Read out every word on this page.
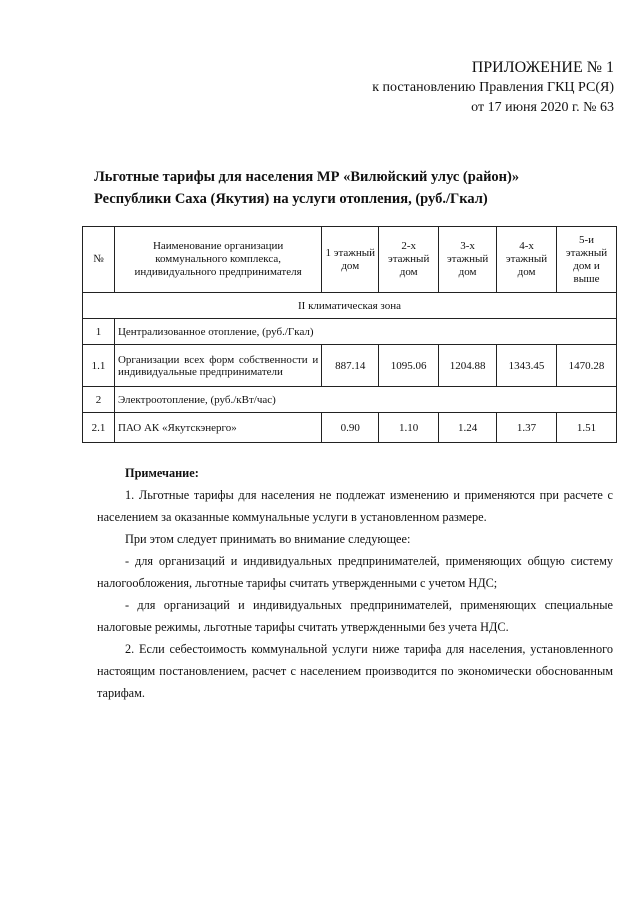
ПРИЛОЖЕНИЕ № 1
к постановлению Правления ГКЦ РС(Я)
от 17 июня 2020 г. № 63
Льготные тарифы для населения МР «Вилюйский улус (район)»
Республики Саха (Якутия) на услуги отопления, (руб./Гкал)
№	Наименование организации коммунального комплекса, индивидуального предпринимателя	1 этажный дом	2-х этажный дом	3-х этажный дом	4-х этажный дом	5-и этажный дом и выше
II климатическая зона						
1	Централизованное отопление, (руб./Гкал)					
1.1	Организации всех форм собственности и индивидуальные предприниматели	887.14	1095.06	1204.88	1343.45	1470.28
2	Электроотопление, (руб./кВт/час)					
2.1	ПАО АК «Якутскэнерго»	0.90	1.10	1.24	1.37	1.51
Примечание:

1. Льготные тарифы для населения не подлежат изменению и применяются при расчете с населением за оказанные коммунальные услуги в установленном размере.

При этом следует принимать во внимание следующее:

- для организаций и индивидуальных предпринимателей, применяющих общую систему налогообложения, льготные тарифы считать утвержденными с учетом НДС;

- для организаций и индивидуальных предпринимателей, применяющих специальные налоговые режимы, льготные тарифы считать утвержденными без учета НДС.

2. Если себестоимость коммунальной услуги ниже тарифа для населения, установленного настоящим постановлением, расчет с населением производится по экономически обоснованным тарифам.
